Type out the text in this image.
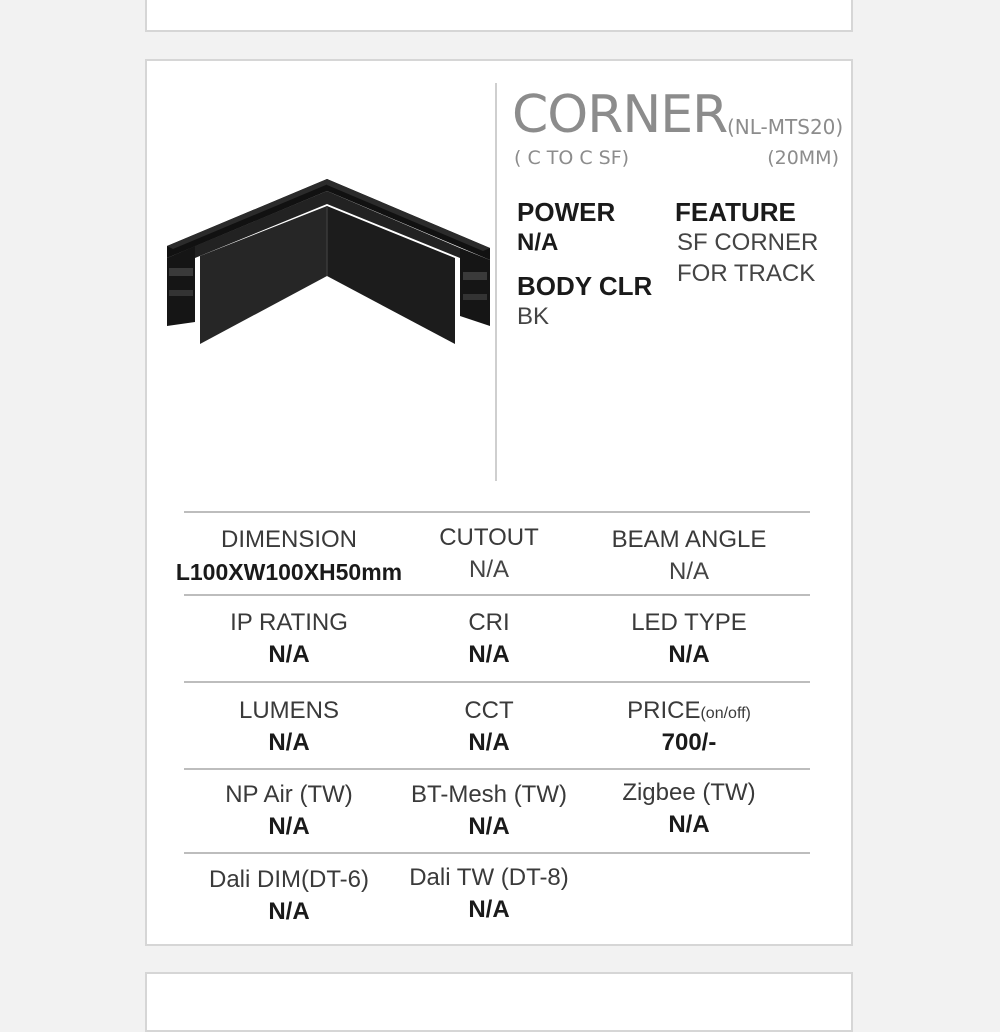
CORNER (NL-MTS20)
( C TO C SF)	(20MM)
POWER
N/A
FEATURE
SF CORNER
FOR TRACK
BODY CLR
BK
DIMENSION
L100XW100XH50mm
CUTOUT
N/A
BEAM ANGLE
N/A
IP RATING
N/A
CRI
N/A
LED TYPE
N/A
LUMENS
N/A
CCT
N/A
PRICE(on/off)
700/-
NP Air (TW)
N/A
BT-Mesh (TW)
N/A
Zigbee (TW)
N/A
Dali DIM(DT-6)
N/A
Dali TW (DT-8)
N/A
